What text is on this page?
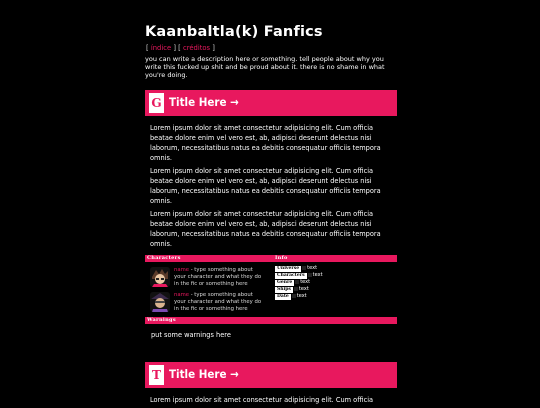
Kaanbaltla(k) Fanfics
[ índice ] [ créditos ]
you can write a description here or something. tell people about why you write this fucked up shit and be proud about it. there is no shame in what you're doing.
G Title Here →

Lorem ipsum dolor sit amet consectetur adipisicing elit. Cum officia beatae dolore enim vel vero est, ab, adipisci deserunt delectus nisi laborum, necessitatibus natus ea debitis consequatur officiis tempora omnis.

Lorem ipsum dolor sit amet consectetur adipisicing elit. Cum officia beatae dolore enim vel vero est, ab, adipisci deserunt delectus nisi laborum, necessitatibus natus ea debitis consequatur officiis tempora omnis.

Lorem ipsum dolor sit amet consectetur adipisicing elit. Cum officia beatae dolore enim vel vero est, ab, adipisci deserunt delectus nisi laborum, necessitatibus natus ea debitis consequatur officiis tempora omnis.

Characters	Info
name - type something about your character and what they do in the fic or something here
name - type something about your character and what they do in the fic or something here
Universe text
Characters text
Genre text
Ships text
Date text
Warnings
put some warnings here
T Title Here →

Lorem ipsum dolor sit amet consectetur adipisicing elit. Cum officia
